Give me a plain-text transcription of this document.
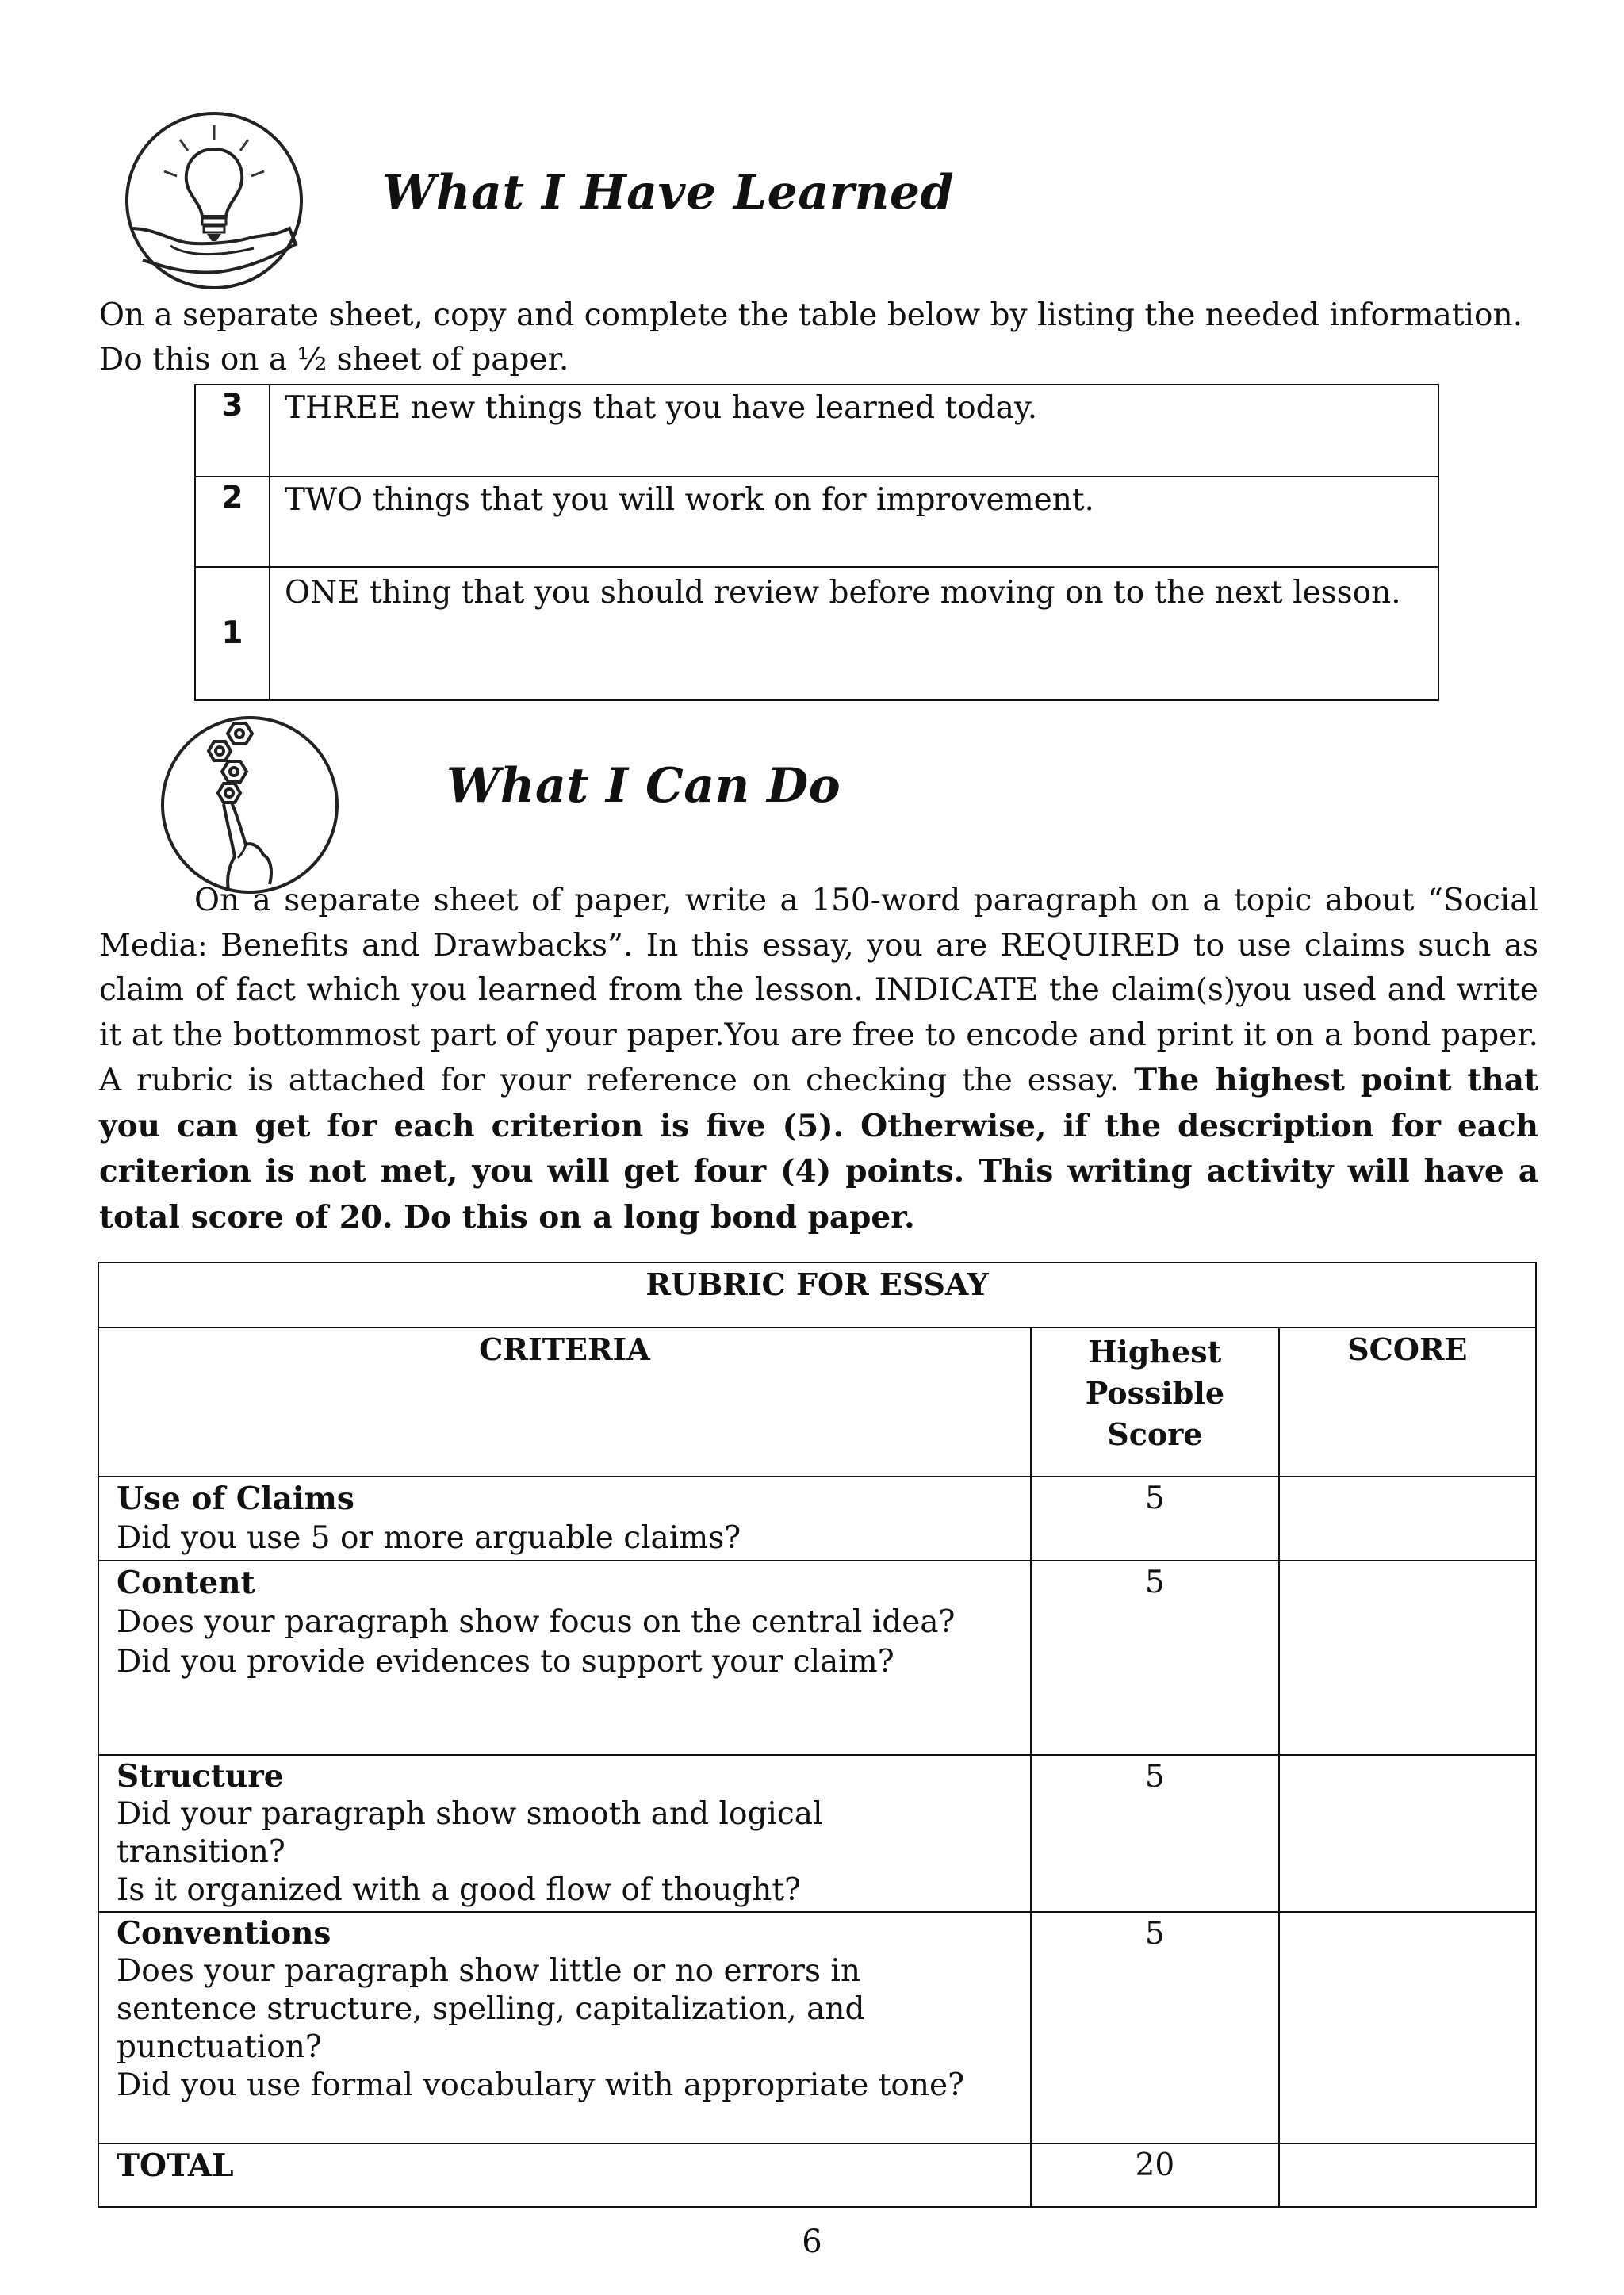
What I Have Learned

On a separate sheet, copy and complete the table below by listing the needed information. Do this on a ½ sheet of paper.

3	THREE new things that you have learned today.
2	TWO things that you will work on for improvement.
1	ONE thing that you should review before moving on to the next lesson.
What I Can Do

On a separate sheet of paper, write a 150-word paragraph on a topic about “Social Media: Benefits and Drawbacks”. In this essay, you are REQUIRED to use claims such as claim of fact which you learned from the lesson. INDICATE the claim(s)you used and write it at the bottommost part of your paper.You are free to encode and print it on a bond paper. A rubric is attached for your reference on checking the essay. The highest point that you can get for each criterion is five (5). Otherwise, if the description for each criterion is not met, you will get four (4) points. This writing activity will have a total score of 20. Do this on a long bond paper.

RUBRIC FOR ESSAY		
CRITERIA	Highest Possible Score	SCORE

Use of Claims
Did you use 5 or more arguable claims?	5	

Content
Does your paragraph show focus on the central idea?
Did you provide evidences to support your claim?	5	

Structure
Did your paragraph show smooth and logical transition?
Is it organized with a good flow of thought?	5	

Conventions
Does your paragraph show little or no errors in sentence structure, spelling, capitalization, and punctuation?
Did you use formal vocabulary with appropriate tone?	5	
TOTAL	20	
6
